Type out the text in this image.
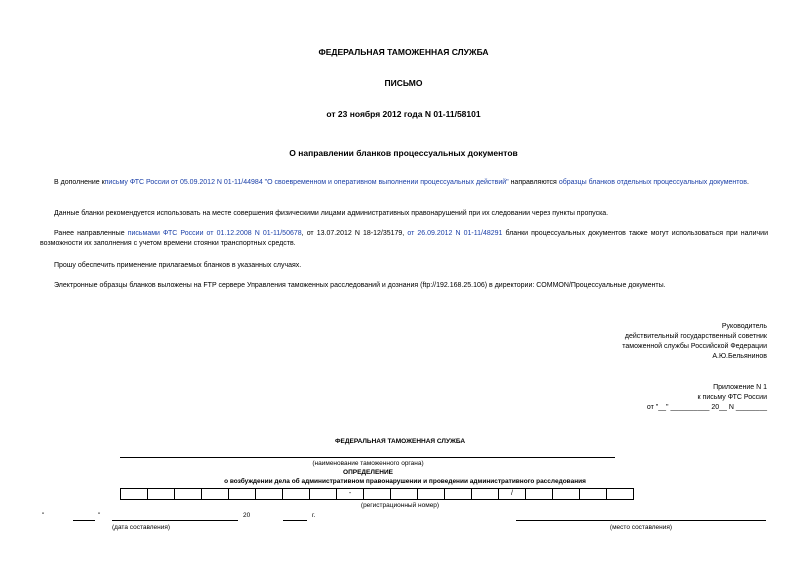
ФЕДЕРАЛЬНАЯ ТАМОЖЕННАЯ СЛУЖБА
ПИСЬМО
от 23 ноября 2012 года N 01-11/58101
О направлении бланков процессуальных документов
В дополнение кписьму ФТС России от 05.09.2012 N 01-11/44984 "О своевременном и оперативном выполнении процессуальных действий" направляются образцы бланков отдельных процессуальных документов.
Данные бланки рекомендуется использовать на месте совершения физическими лицами административных правонарушений при их следовании через пункты пропуска.
Ранее направленные письмами ФТС России от 01.12.2008 N 01-11/50678, от 13.07.2012 N 18-12/35179, от 26.09.2012 N 01-11/48291 бланки процессуальных документов также могут использоваться при наличии возможности их заполнения с учетом времени стоянки транспортных средств.
Прошу обеспечить применение прилагаемых бланков в указанных случаях.
Электронные образцы бланков выложены на FTP сервере Управления таможенных расследований и дознания (ftp://192.168.25.106) в директории: COMMON/Процессуальные документы.
Руководитель
действительный государственный советник
таможенной службы Российской Федерации
А.Ю.Бельянинов
Приложение N 1
к письму ФТС России
от "__" __________ 20__ N ________
ФЕДЕРАЛЬНАЯ ТАМОЖЕННАЯ СЛУЖБА
(наименование таможенного органа)
ОПРЕДЕЛЕНИЕ
о возбуждении дела об административном правонарушении и проведении административного расследования
-	/
(регистрационный номер)
"	"	20	г.
(дата составления)	(место составления)
